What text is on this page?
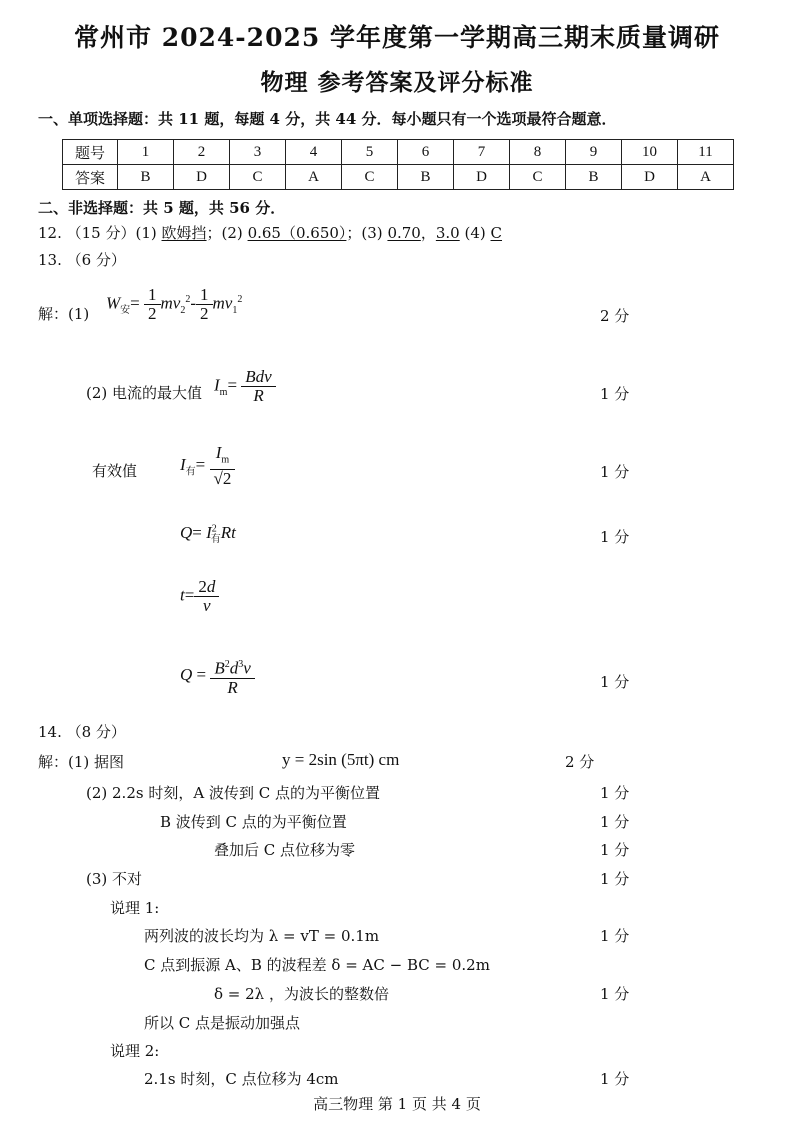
常州市 2024-2025 学年度第一学期高三期末质量调研
物理 参考答案及评分标准
一、单项选择题：共 11 题，每题 4 分，共 44 分．每小题只有一个选项最符合题意．
题号	1	2	3	4	5	6	7	8	9	10	11
答案	B	D	C	A	C	B	D	C	B	D	A
二、非选择题：共 5 题，共 56 分．
12. （15 分）(1) 欧姆挡；(2) 0.65（0.650）；(3) 0.70，3.0 (4) C
13. （6 分）
解：(1)
$W_安= \frac{1}{2} mv_2^2- \frac{1}{2} mv_1^2$
2 分
(2) 电流的最大值 $I_m= \frac{\text{Bdv}}{R}$	1 分
有效值	$I_有= \frac{I_m}{√2}$	1 分
$Q= I^2_有Rt$	1 分
$t= \frac{2d}{v}$
$Q = \frac{B^2d^3v}{R}$	1 分
14. （8 分）
解：(1) 据图	y = 2sin (5πt) cm	2 分
(2) 2.2s 时刻，A 波传到 C 点的为平衡位置	1 分
B 波传到 C 点的为平衡位置	1 分
叠加后 C 点位移为零	1 分
(3) 不对	1 分
说理 1:
两列波的波长均为 λ = vT = 0.1m	1 分
C 点到振源 A、B 的波程差 δ = AC − BC = 0.2m
δ = 2λ ，为波长的整数倍	1 分
所以 C 点是振动加强点
说理 2:
2.1s 时刻，C 点位移为 4cm	1 分
高三物理 第 1 页 共 4 页
